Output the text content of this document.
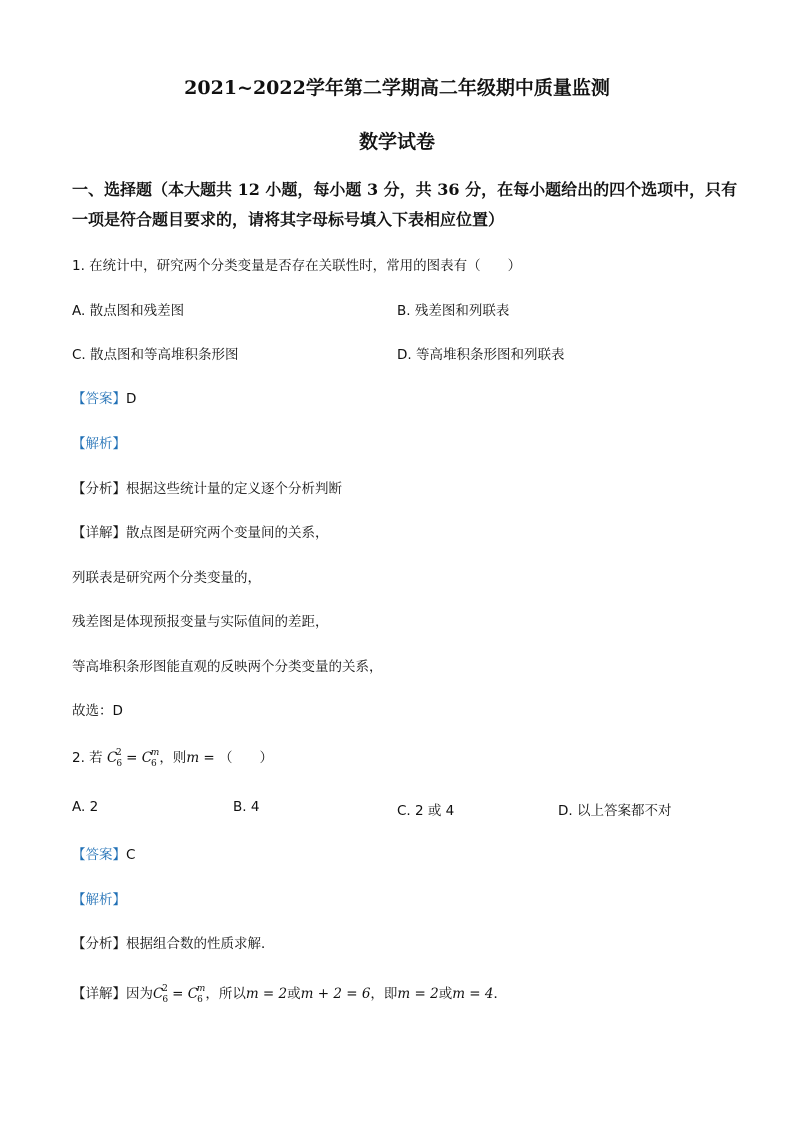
2021~2022学年第二学期高二年级期中质量监测
数学试卷
一、选择题（本大题共 12 小题，每小题 3 分，共 36 分，在每小题给出的四个选项中，只有
一项是符合题目要求的，请将其字母标号填入下表相应位置）
1. 在统计中，研究两个分类变量是否存在关联性时，常用的图表有（　　）
A. 散点图和残差图	B. 残差图和列联表
C. 散点图和等高堆积条形图	D. 等高堆积条形图和列联表
【答案】D
【解析】
【分析】根据这些统计量的定义逐个分析判断
【详解】散点图是研究两个变量间的关系，
列联表是研究两个分类变量的，
残差图是体现预报变量与实际值间的差距，
等高堆积条形图能直观的反映两个分类变量的关系，
故选：D
2. 若 $C_6^2 = C_6^m$，则m = （　　）
A. 2	B. 4	C. 2 或 4	D. 以上答案都不对
【答案】C
【解析】
【分析】根据组合数的性质求解．
【详解】因为$C_6^2 = C_6^m$，所以m = 2或m + 2 = 6，即m = 2或m = 4．
